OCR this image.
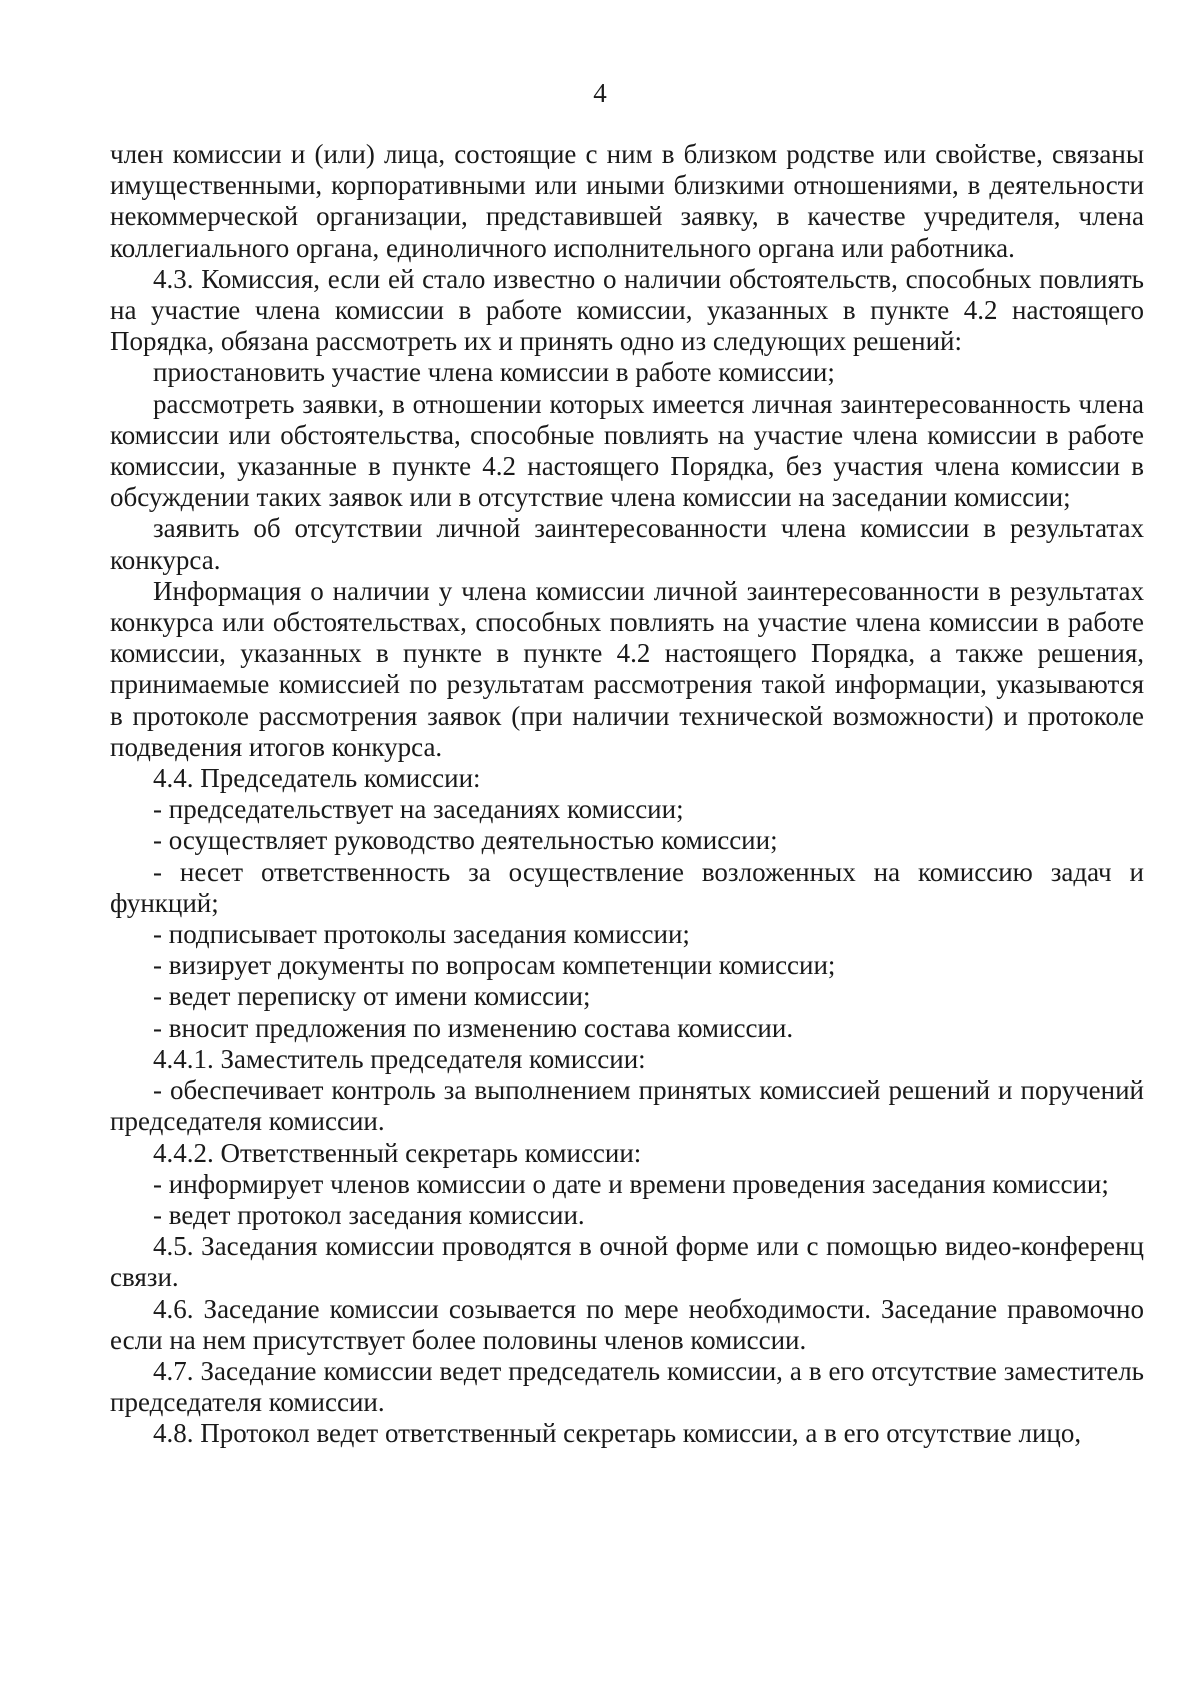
4

член комиссии и (или) лица, состоящие с ним в близком родстве или свойстве, связаны имущественными, корпоративными или иными близкими отношениями, в деятельности некоммерческой организации, представившей заявку, в качестве учредителя, члена коллегиального органа, единоличного исполнительного органа или работника.

4.3. Комиссия, если ей стало известно о наличии обстоятельств, способных повлиять на участие члена комиссии в работе комиссии, указанных в пункте 4.2 настоящего Порядка, обязана рассмотреть их и принять одно из следующих решений:

приостановить участие члена комиссии в работе комиссии;

рассмотреть заявки, в отношении которых имеется личная заинтересованность члена комиссии или обстоятельства, способные повлиять на участие члена комиссии в работе комиссии, указанные в пункте 4.2 настоящего Порядка, без участия члена комиссии в обсуждении таких заявок или в отсутствие члена комиссии на заседании комиссии;

заявить об отсутствии личной заинтересованности члена комиссии в результатах конкурса.

Информация о наличии у члена комиссии личной заинтересованности в результатах конкурса или обстоятельствах, способных повлиять на участие члена комиссии в работе комиссии, указанных в пункте в пункте 4.2 настоящего Порядка, а также решения, принимаемые комиссией по результатам рассмотрения такой информации, указываются в протоколе рассмотрения заявок (при наличии технической возможности) и протоколе подведения итогов конкурса.

4.4. Председатель комиссии:

- председательствует на заседаниях комиссии;

- осуществляет руководство деятельностью комиссии;

- несет ответственность за осуществление возложенных на комиссию задач и функций;

- подписывает протоколы заседания комиссии;

- визирует документы по вопросам компетенции комиссии;

- ведет переписку от имени комиссии;

- вносит предложения по изменению состава комиссии.

4.4.1. Заместитель председателя комиссии:

- обеспечивает контроль за выполнением принятых комиссией решений и поручений председателя комиссии.

4.4.2. Ответственный секретарь комиссии:

- информирует членов комиссии о дате и времени проведения заседания комиссии;

- ведет протокол заседания комиссии.

4.5. Заседания комиссии проводятся в очной форме или с помощью видео-конференц связи.

4.6. Заседание комиссии созывается по мере необходимости. Заседание правомочно если на нем присутствует более половины членов комиссии.

4.7. Заседание комиссии ведет председатель комиссии, а в его отсутствие заместитель председателя комиссии.

4.8. Протокол ведет ответственный секретарь комиссии, а в его отсутствие лицо,
